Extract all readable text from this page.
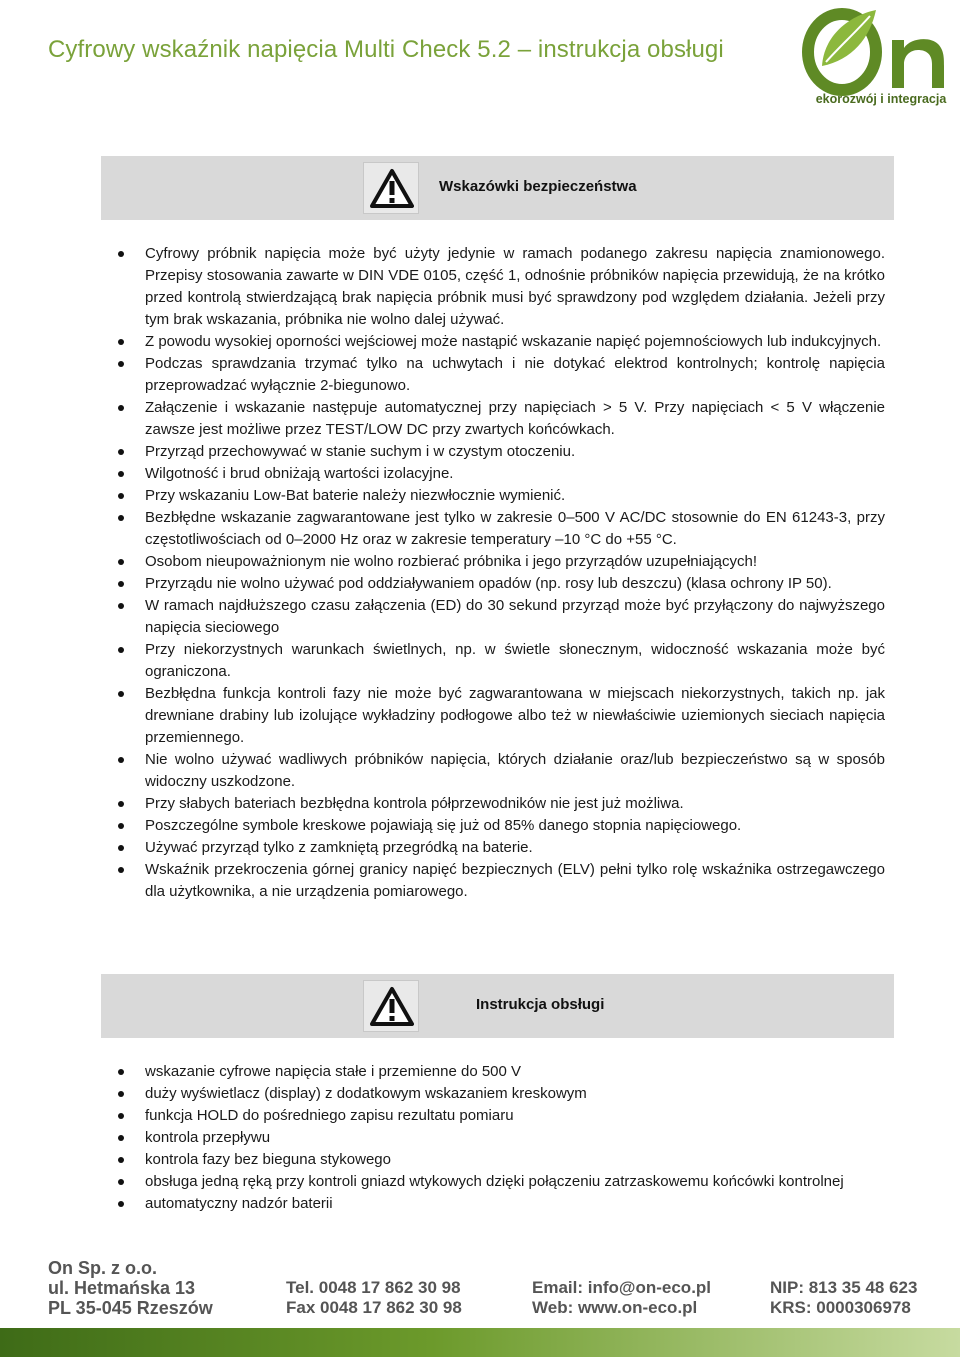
Cyfrowy wskaźnik napięcia Multi Check 5.2 – instrukcja obsługi
ekorozwój i integracja
Wskazówki bezpieczeństwa
Cyfrowy próbnik napięcia może być użyty jedynie w ramach podanego zakresu napięcia znamionowego. Przepisy stosowania zawarte w DIN VDE 0105, część 1, odnośnie próbników napięcia przewidują, że na krótko przed kontrolą stwierdzającą brak napięcia próbnik musi być sprawdzony pod względem działania. Jeżeli przy tym brak wskazania, próbnika nie wolno dalej używać.
Z powodu wysokiej oporności wejściowej może nastąpić wskazanie napięć pojemnościowych lub indukcyjnych.
Podczas sprawdzania trzymać tylko na uchwytach i nie dotykać elektrod kontrolnych; kontrolę napięcia przeprowadzać wyłącznie 2-biegunowo.
Załączenie i wskazanie następuje automatycznej przy napięciach > 5 V. Przy napięciach < 5 V włączenie zawsze jest możliwe przez TEST/LOW DC przy zwartych końcówkach.
Przyrząd przechowywać w stanie suchym i w czystym otoczeniu.
Wilgotność i brud obniżają wartości izolacyjne.
Przy wskazaniu Low-Bat baterie należy niezwłocznie wymienić.
Bezbłędne wskazanie zagwarantowane jest tylko w zakresie 0–500 V AC/DC stosownie do EN 61243-3, przy częstotliwościach od 0–2000 Hz oraz w zakresie temperatury –10 °C do +55 °C.
Osobom nieupoważnionym nie wolno rozbierać próbnika i jego przyrządów uzupełniających!
Przyrządu nie wolno używać pod oddziaływaniem opadów (np. rosy lub deszczu) (klasa ochrony IP 50).
W ramach najdłuższego czasu załączenia (ED) do 30 sekund przyrząd może być przyłączony do najwyższego napięcia sieciowego
Przy niekorzystnych warunkach świetlnych, np. w świetle słonecznym, widoczność wskazania może być ograniczona.
Bezbłędna funkcja kontroli fazy nie może być zagwarantowana w miejscach niekorzystnych, takich np. jak drewniane drabiny lub izolujące wykładziny podłogowe albo też w niewłaściwie uziemionych sieciach napięcia przemiennego.
Nie wolno używać wadliwych próbników napięcia, których działanie oraz/lub bezpieczeństwo są w sposób widoczny uszkodzone.
Przy słabych bateriach bezbłędna kontrola półprzewodników nie jest już możliwa.
Poszczególne symbole kreskowe pojawiają się już od 85% danego stopnia napięciowego.
Używać przyrząd tylko z zamkniętą przegródką na baterie.
Wskaźnik przekroczenia górnej granicy napięć bezpiecznych (ELV) pełni tylko rolę wskaźnika ostrzegawczego dla użytkownika, a nie urządzenia pomiarowego.
Instrukcja obsługi
wskazanie cyfrowe napięcia stałe i przemienne do 500 V
duży wyświetlacz (display) z dodatkowym wskazaniem kreskowym
funkcja HOLD do pośredniego zapisu rezultatu pomiaru
kontrola przepływu
kontrola fazy bez bieguna stykowego
obsługa jedną ręką przy kontroli gniazd wtykowych dzięki połączeniu zatrzaskowemu końcówki kontrolnej
automatyczny nadzór baterii
On Sp. z o.o.
ul. Hetmańska 13
PL 35-045 Rzeszów
Tel. 0048 17 862 30 98
Fax 0048 17 862 30 98
Email: info@on-eco.pl
Web: www.on-eco.pl
NIP: 813 35 48 623
KRS: 0000306978
